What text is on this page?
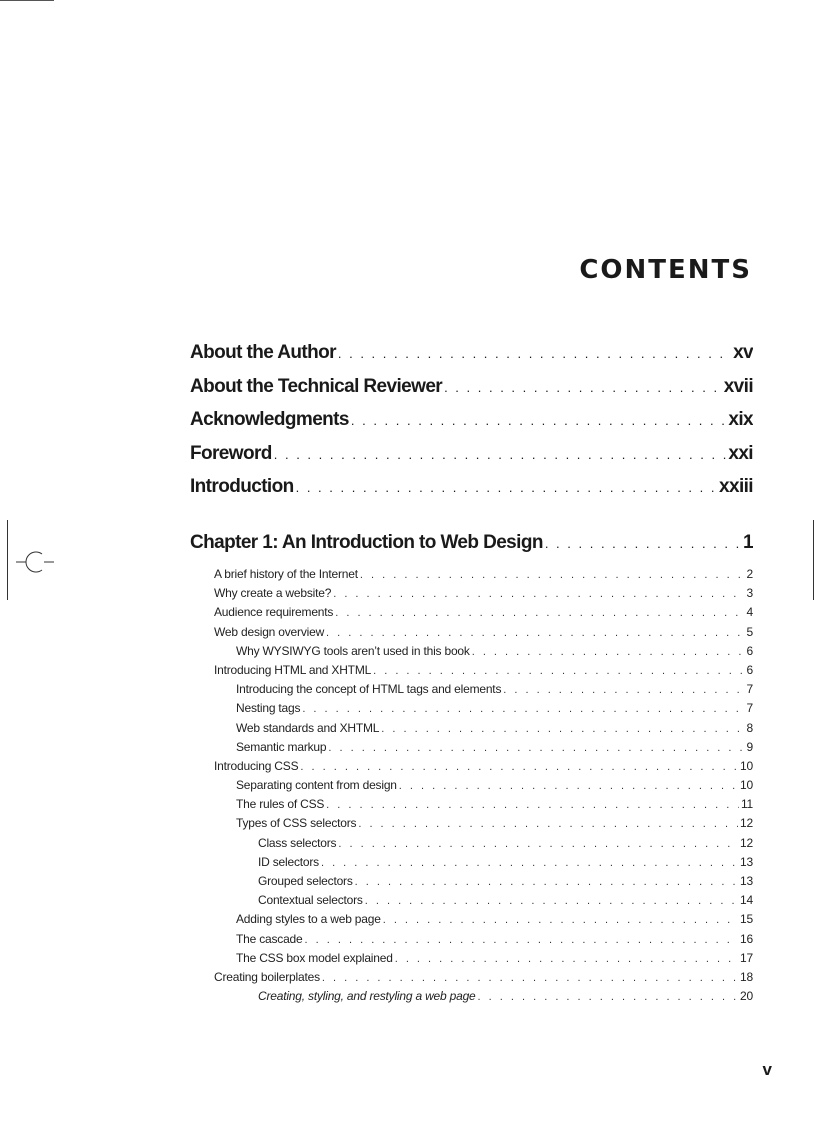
CONTENTS
About the Author . . .	xv
About the Technical Reviewer . . .	xvii
Acknowledgments . . .	xix
Foreword . . .	xxi
Introduction . . .	xxiii
Chapter 1: An Introduction to Web Design . . .	1
A brief history of the Internet . . .	2
Why create a website? . . .	3
Audience requirements . . .	4
Web design overview . . .	5
Why WYSIWYG tools aren’t used in this book . . .	6
Introducing HTML and XHTML . . .	6
Introducing the concept of HTML tags and elements . . .	7
Nesting tags . . .	7
Web standards and XHTML . . .	8
Semantic markup . . .	9
Introducing CSS . . .	10
Separating content from design . . .	10
The rules of CSS . . .	11
Types of CSS selectors . . .	12
Class selectors . . .	12
ID selectors . . .	13
Grouped selectors . . .	13
Contextual selectors . . .	14
Adding styles to a web page . . .	15
The cascade . . .	16
The CSS box model explained . . .	17
Creating boilerplates . . .	18
Creating, styling, and restyling a web page . . .	20
v
